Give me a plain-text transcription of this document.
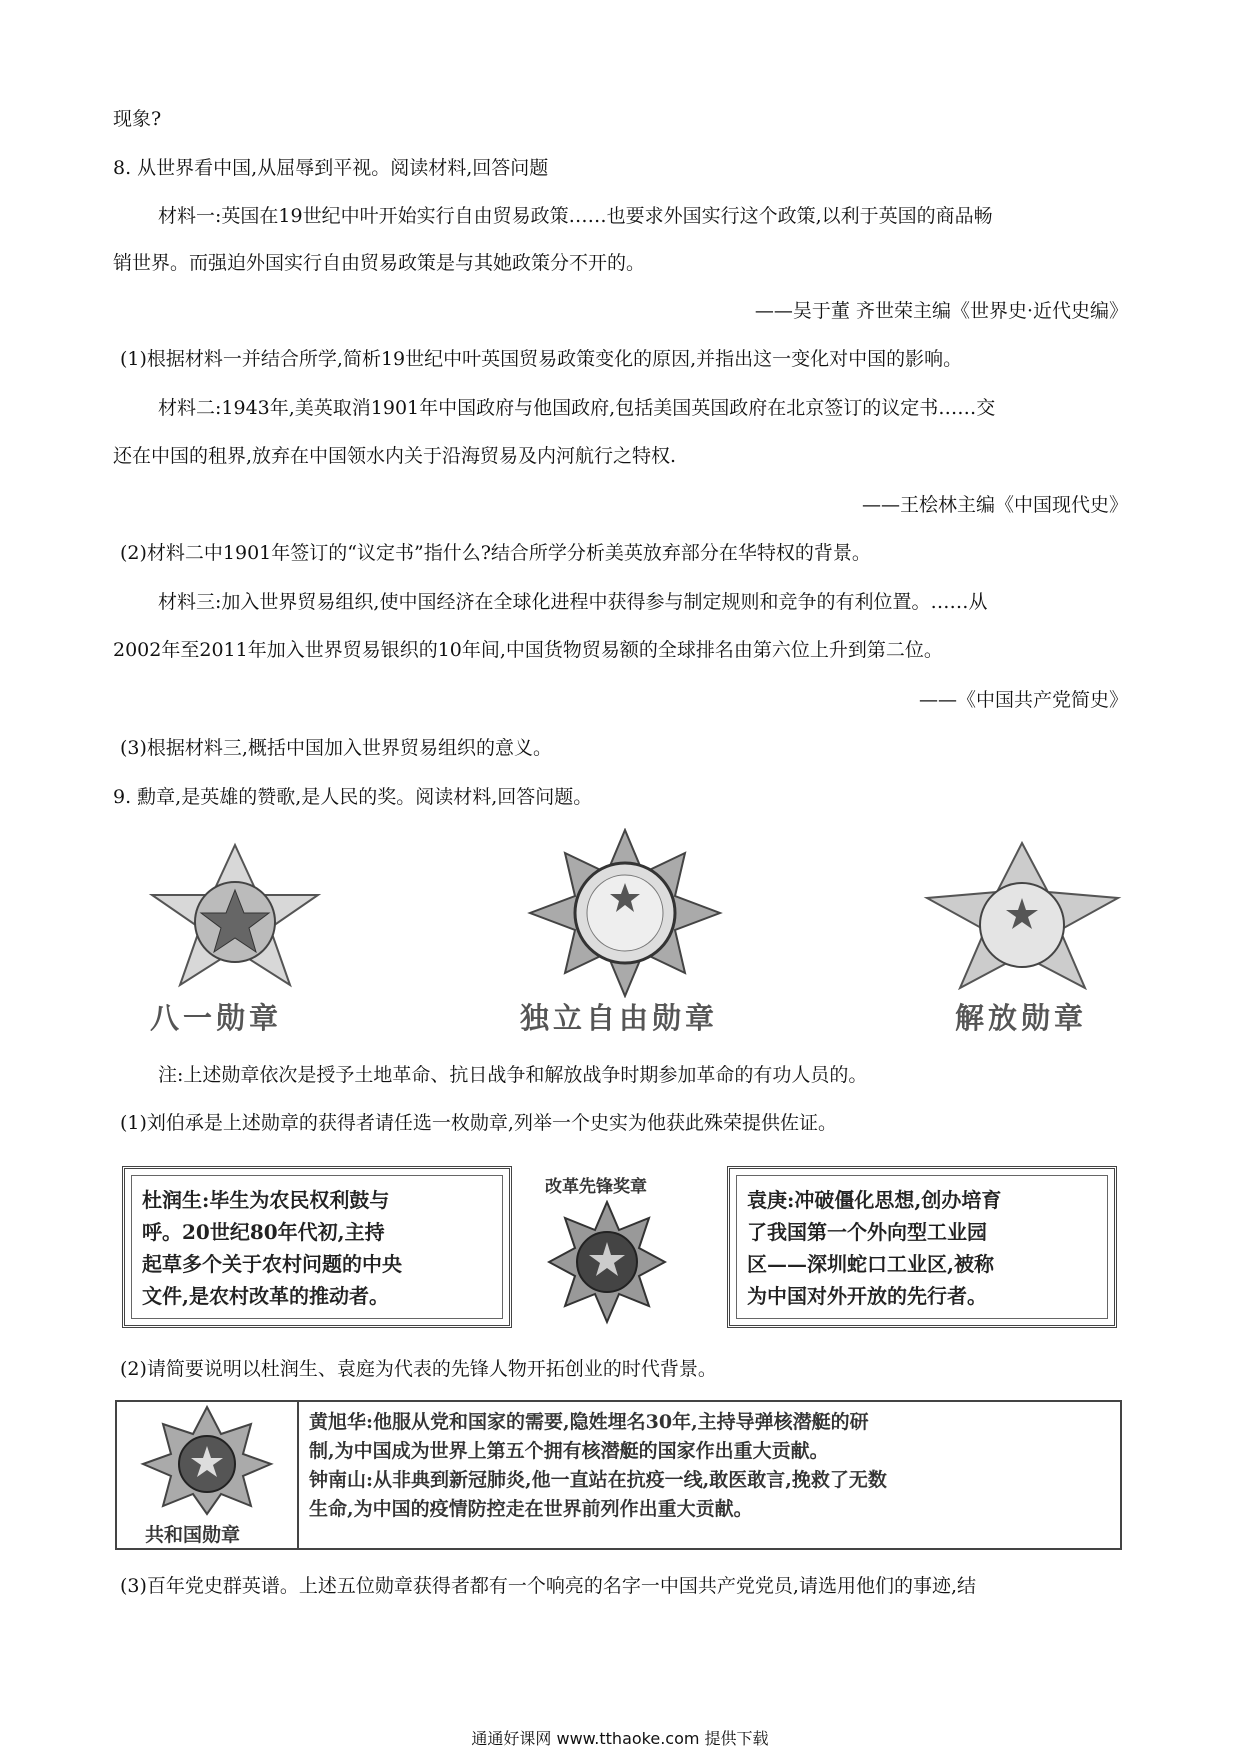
现象?
8. 从世界看中国,从屈辱到平视。阅读材料,回答问题
材料一:英国在19世纪中叶开始实行自由贸易政策……也要求外国实行这个政策,以利于英国的商品畅
销世界。而强迫外国实行自由贸易政策是与其她政策分不开的。
——吴于董 齐世荣主编《世界史·近代史编》
(1)根据材料一并结合所学,简析19世纪中叶英国贸易政策变化的原因,并指出这一变化对中国的影响。
材料二:1943年,美英取消1901年中国政府与他国政府,包括美国英国政府在北京签订的议定书……交
还在中国的租界,放弃在中国领水内关于沿海贸易及内河航行之特权.
——王桧林主编《中国现代史》
(2)材料二中1901年签订的“议定书”指什么?结合所学分析美英放弃部分在华特权的背景。
材料三:加入世界贸易组织,使中国经济在全球化进程中获得参与制定规则和竞争的有利位置。……从
2002年至2011年加入世界贸易银织的10年间,中国货物贸易额的全球排名由第六位上升到第二位。
——《中国共产党简史》
(3)根据材料三,概括中国加入世界贸易组织的意义。
9. 勳章,是英雄的赞歌,是人民的奖。阅读材料,回答问题。
八一勋章	独立自由勋章	解放勋章
注:上述勋章依次是授予土地革命、抗日战争和解放战争时期参加革命的有功人员的。
(1)刘伯承是上述勋章的获得者请任选一枚勋章,列举一个史实为他获此殊荣提供佐证。
杜润生:毕生为农民权利鼓与
呼。20世纪80年代初,主持
起草多个关于农村问题的中央
文件,是农村改革的推动者。
改革先锋奖章
袁庚:冲破僵化思想,创办培育
了我国第一个外向型工业园
区——深圳蛇口工业区,被称
为中国对外开放的先行者。
(2)请简要说明以杜润生、袁庭为代表的先锋人物开拓创业的时代背景。
共和国勋章
黄旭华:他服从党和国家的需要,隐姓埋名30年,主持导弹核潜艇的研
制,为中国成为世界上第五个拥有核潜艇的国家作出重大贡献。
钟南山:从非典到新冠肺炎,他一直站在抗疫一线,敢医敢言,挽救了无数
生命,为中国的疫情防控走在世界前列作出重大贡献。
(3)百年党史群英谱。上述五位勋章获得者都有一个响亮的名字一中国共产党党员,请选用他们的事迹,结
通通好课网 www.tthaoke.com 提供下载
